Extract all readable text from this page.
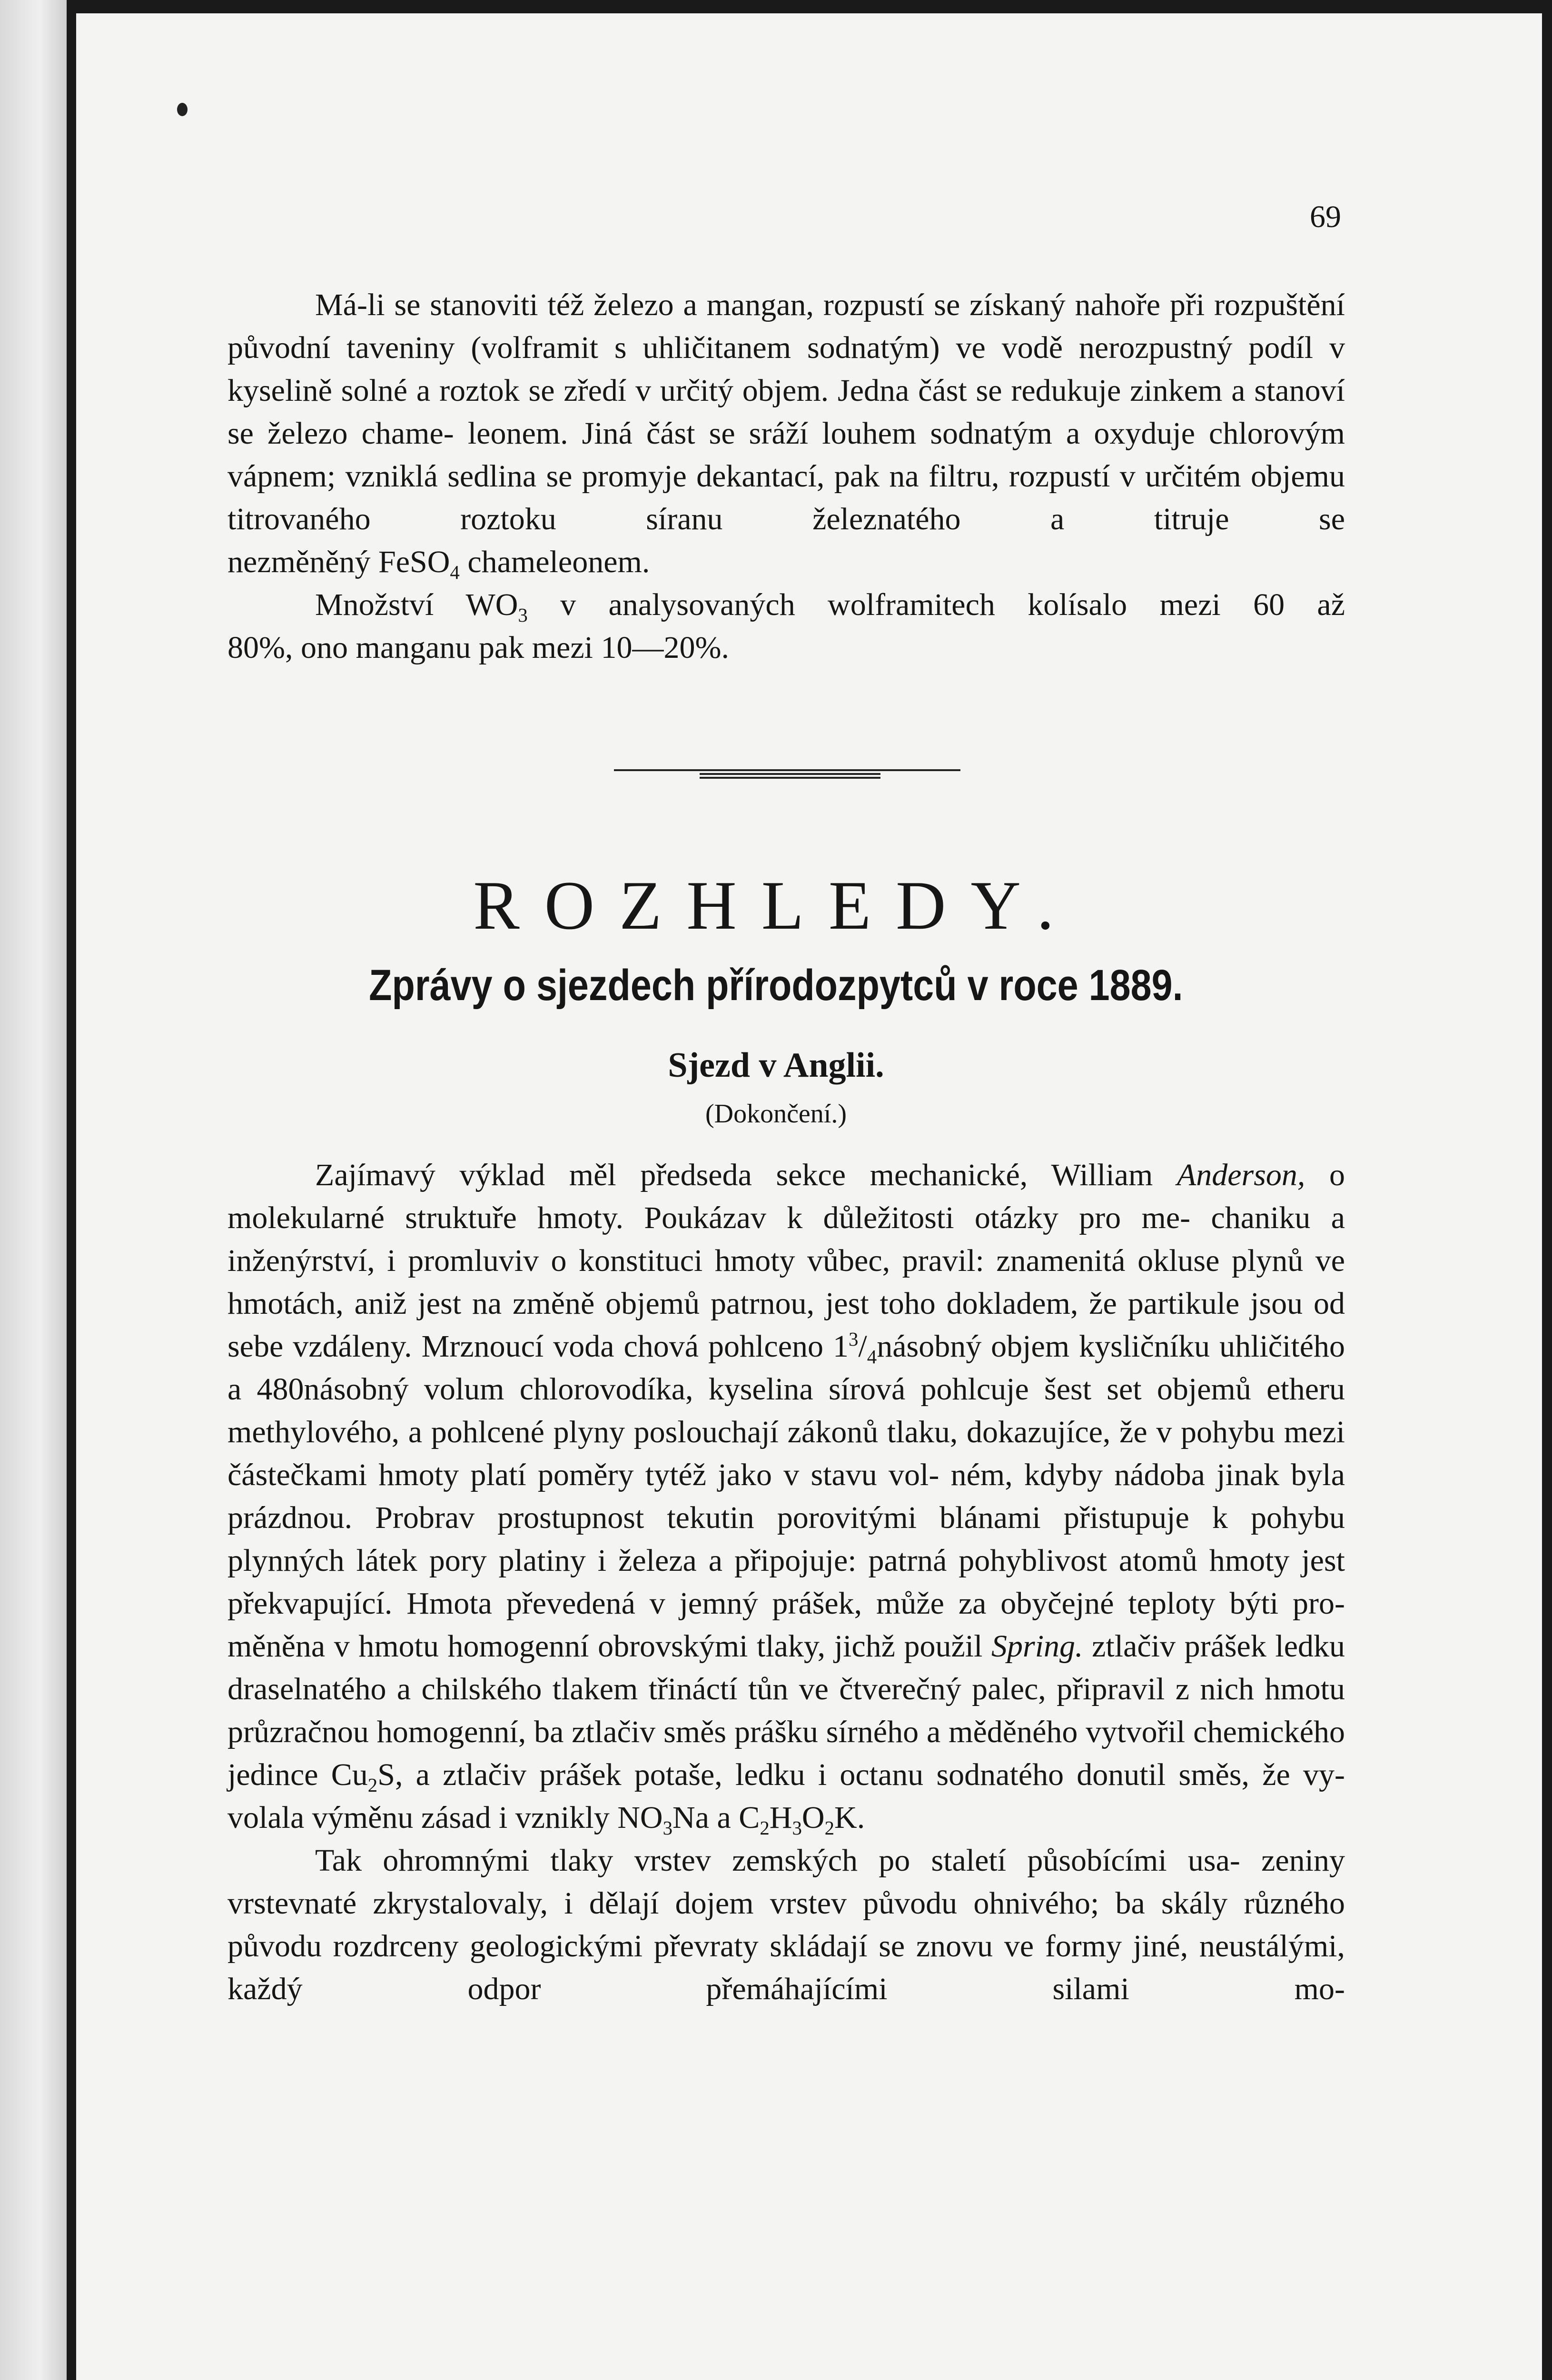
69

Má-li se stanoviti též železo a mangan, rozpustí se získaný nahoře při rozpuštění původní taveniny (volframit s uhličitanem sodnatým) ve vodě nerozpustný podíl v kyselině solné a roztok se zředí v určitý objem. Jedna část se redukuje zinkem a stanoví se železo chame- leonem. Jiná část se sráží louhem sodnatým a oxyduje chlorovým vápnem; vzniklá sedlina se promyje dekantací, pak na filtru, rozpustí v určitém objemu titrovaného roztoku síranu železnatého a titruje se

nezměněný FeSO$_4$ chameleonem.

Množství $WO_3$ v analysovaných wolframitech kolísalo mezi 60 až

80%, ono manganu pak mezi 10—20%.

ROZHLEDY.
Zprávy o sjezdech přírodozpytců v roce 1889.
Sjezd v Anglii.
(Dokončení.)

Zajímavý výklad měl předseda sekce mechanické, William Anderson, o molekularné struktuře hmoty. Poukázav k důležitosti otázky pro me- chaniku a inženýrství, i promluviv o konstituci hmoty vůbec, pravil: znamenitá okluse plynů ve hmotách, aniž jest na změně objemů patrnou, jest toho dokladem, že partikule jsou od sebe vzdáleny. Mrznoucí voda chová pohlceno $1^3/_4násobný$ objem kysličníku uhličitého a 480násobný volum chlorovodíka, kyselina sírová pohlcuje šest set objemů etheru methylového, a pohlcené plyny poslouchají zákonů tlaku, dokazujíce, že v pohybu mezi částečkami hmoty platí poměry tytéž jako v stavu vol- ném, kdyby nádoba jinak byla prázdnou. Probrav prostupnost tekutin porovitými blánami přistupuje k pohybu plynných látek pory platiny i železa a připojuje: patrná pohyblivost atomů hmoty jest překvapující. Hmota převedená v jemný prášek, může za obyčejné teploty býti pro- měněna v hmotu homogenní obrovskými tlaky, jichž použil Spring. ztlačiv prášek ledku draselnatého a chilského tlakem třináctí tůn ve čtverečný palec, připravil z nich hmotu průzračnou homogenní, ba ztlačiv směs prášku sírného a měděného vytvořil chemického jedince $Cu_2S$, a ztlačiv prášek potaše, ledku i octanu sodnatého donutil směs, že vy-

volala výměnu zásad i vznikly $NO_3Na$ a $C_2H_3O_2K$.

Tak ohromnými tlaky vrstev zemských po staletí působícími usa- zeniny vrstevnaté zkrystalovaly, i dělají dojem vrstev původu ohnivého; ba skály různého původu rozdrceny geologickými převraty skládají se znovu ve formy jiné, neustálými, každý odpor přemáhajícími silami mo-
